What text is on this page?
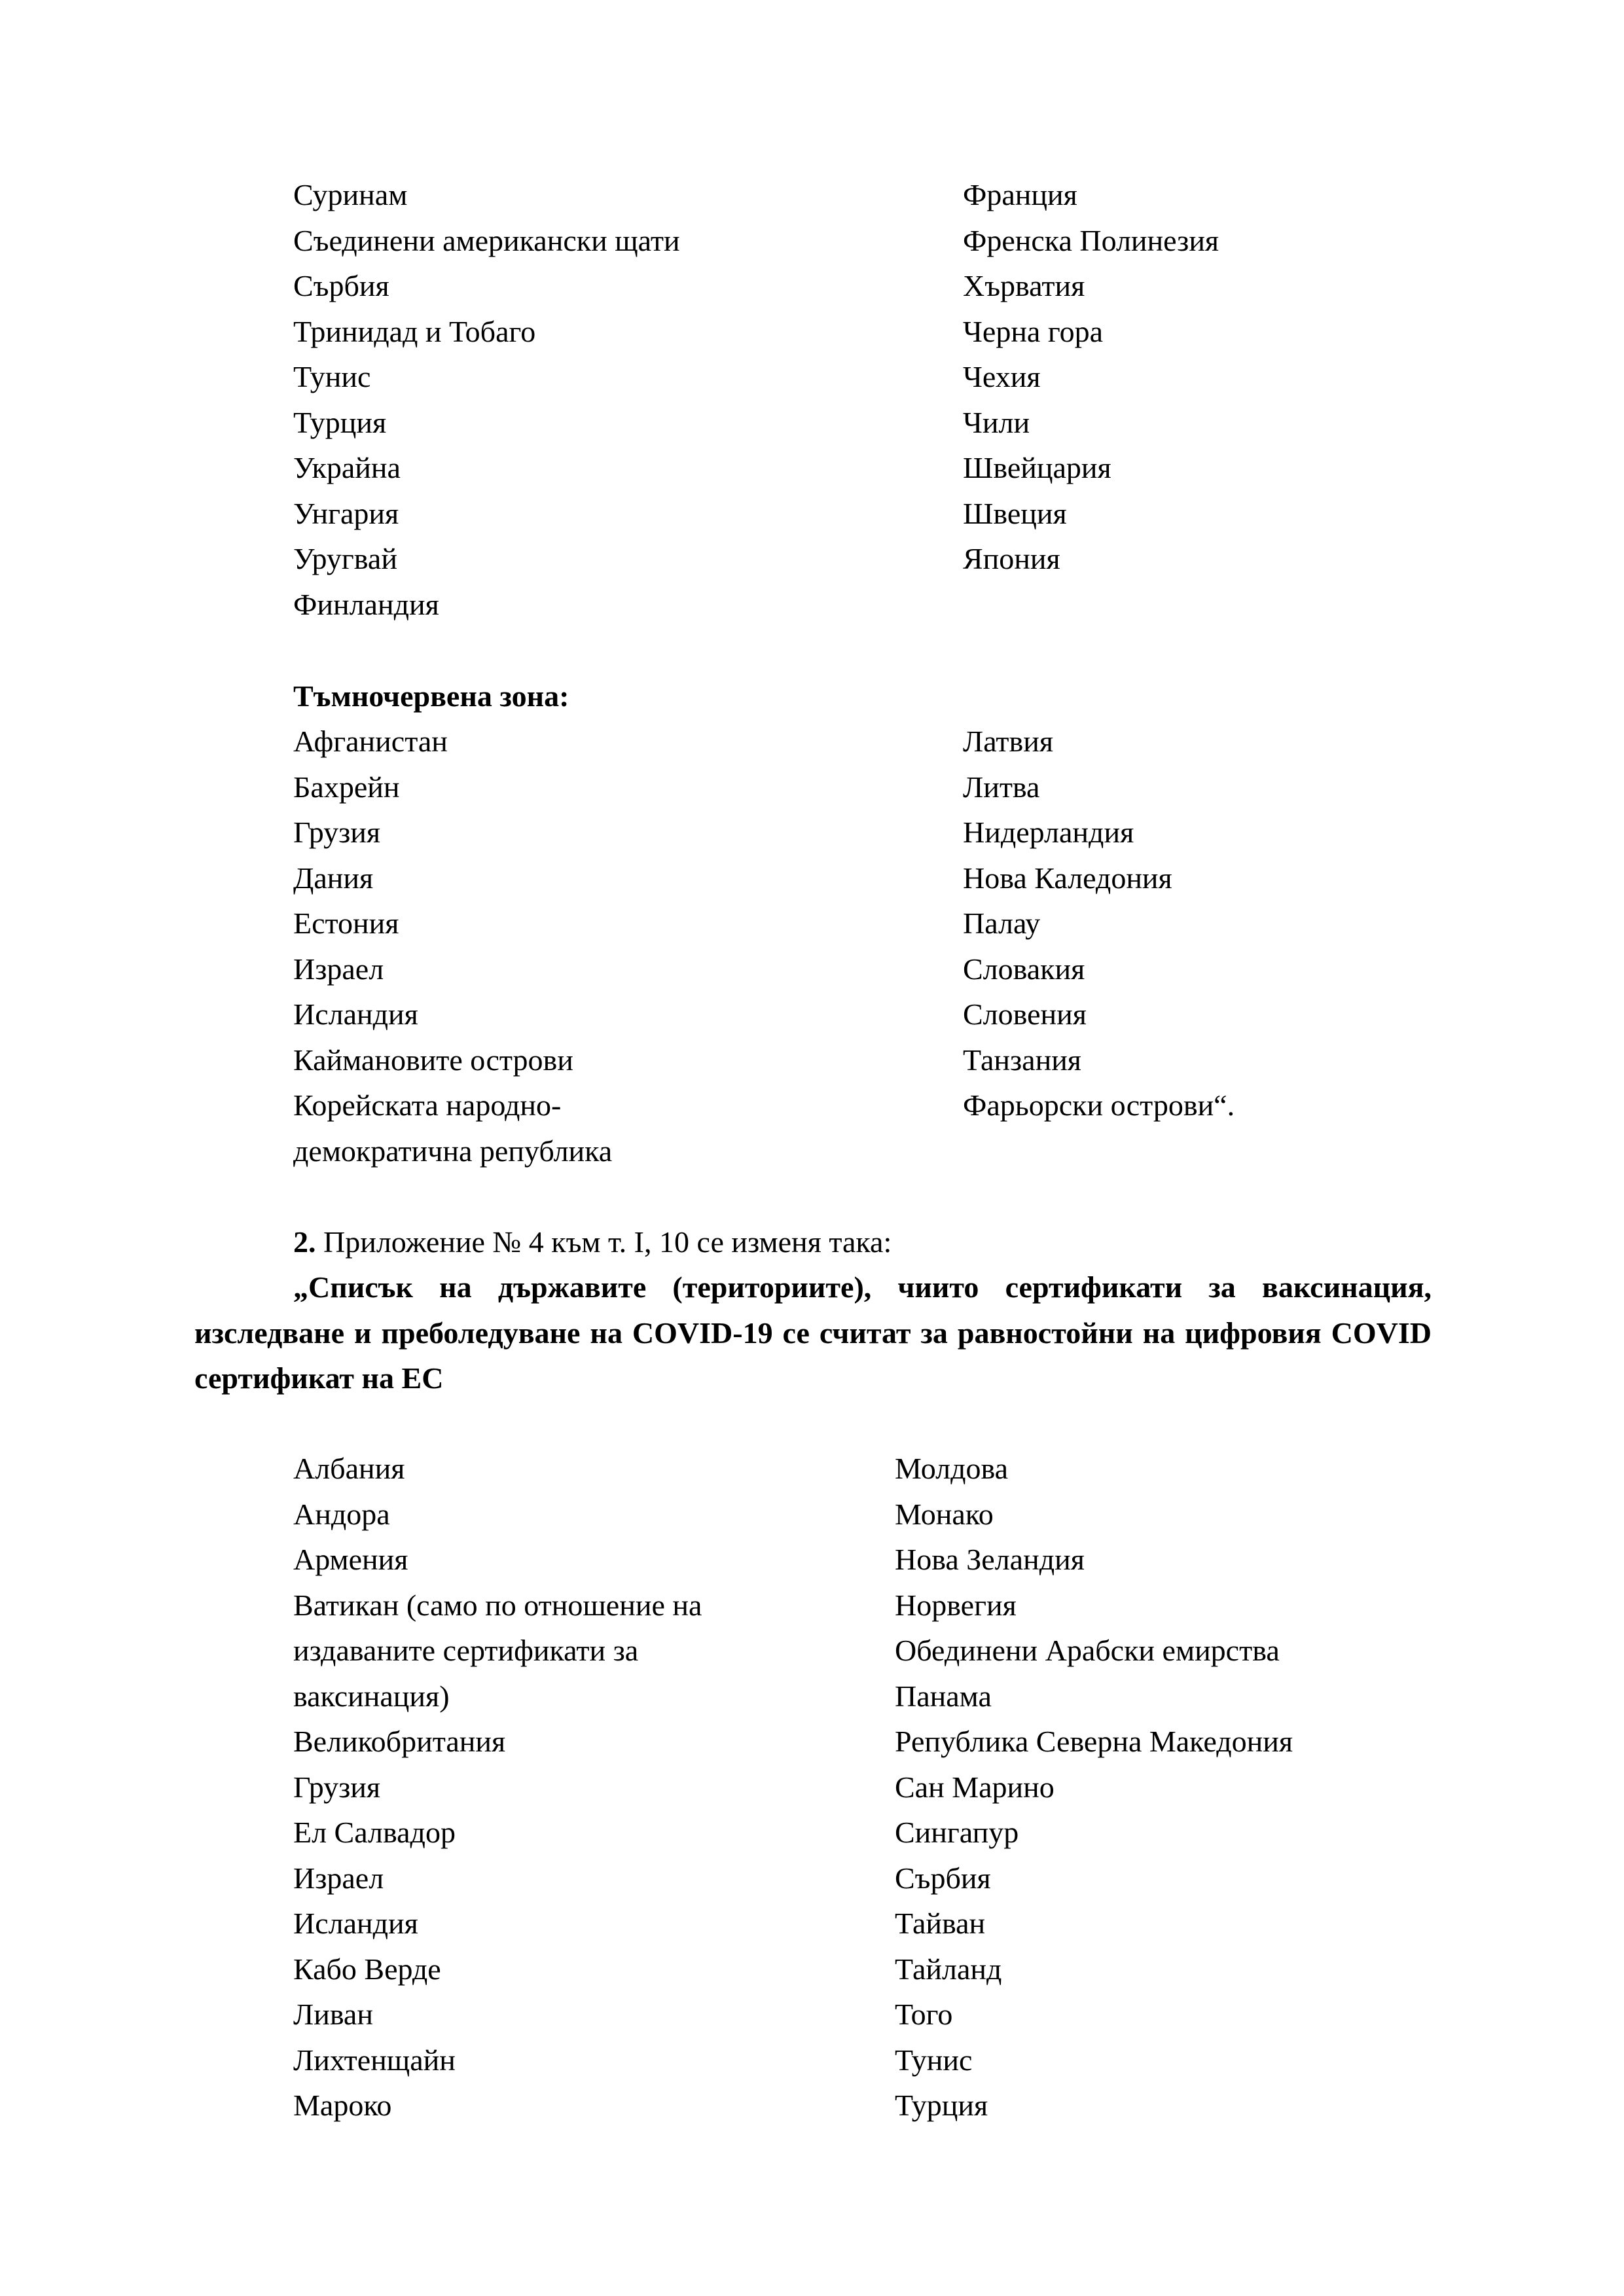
Суринам
Съединени американски щати
Сърбия
Тринидад и Тобаго
Тунис
Турция
Украйна
Унгария
Уругвай
Финландия
Франция
Френска Полинезия
Хърватия
Черна гора
Чехия
Чили
Швейцария
Швеция
Япония
Тъмночервена зона:
Афганистан
Бахрейн
Грузия
Дания
Естония
Израел
Исландия
Каймановите острови
Корейската народно-
демократична република
Латвия
Литва
Нидерландия
Нова Каледония
Палау
Словакия
Словения
Танзания
Фарьорски острови“.
2. Приложение № 4 към т. I, 10 се изменя така:
„Списък на държавите (териториите), чиито сертификати за ваксинация, изследване и преболедуване на COVID-19 се считат за равностойни на цифровия COVID сертификат на ЕС
Албания
Андора
Армения
Ватикан (само по отношение на
издаваните сертификати за
ваксинация)
Великобритания
Грузия
Ел Салвадор
Израел
Исландия
Кабо Верде
Ливан
Лихтенщайн
Мароко
Молдова
Монако
Нова Зеландия
Норвегия
Обединени Арабски емирства
Панама
Република Северна Македония
Сан Марино
Сингапур
Сърбия
Тайван
Тайланд
Того
Тунис
Турция
